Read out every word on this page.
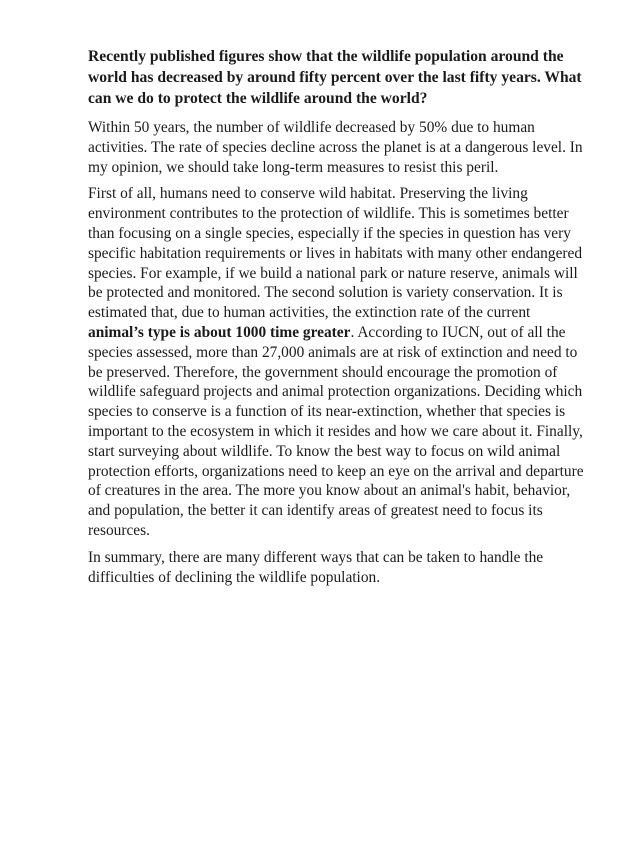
Recently published figures show that the wildlife population around the
world has decreased by around fifty percent over the last fifty years. What
can we do to protect the wildlife around the world?
Within 50 years, the number of wildlife decreased by 50% due to human
activities. The rate of species decline across the planet is at a dangerous level. In
my opinion, we should take long-term measures to resist this peril.
First of all, humans need to conserve wild habitat. Preserving the living
environment contributes to the protection of wildlife. This is sometimes better
than focusing on a single species, especially if the species in question has very
specific habitation requirements or lives in habitats with many other endangered
species. For example, if we build a national park or nature reserve, animals will
be protected and monitored. The second solution is variety conservation. It is
estimated that, due to human activities, the extinction rate of the current
animal’s type is about 1000 time greater. According to IUCN, out of all the
species assessed, more than 27,000 animals are at risk of extinction and need to
be preserved. Therefore, the government should encourage the promotion of
wildlife safeguard projects and animal protection organizations. Deciding which
species to conserve is a function of its near-extinction, whether that species is
important to the ecosystem in which it resides and how we care about it. Finally,
start surveying about wildlife. To know the best way to focus on wild animal
protection efforts, organizations need to keep an eye on the arrival and departure
of creatures in the area. The more you know about an animal's habit, behavior,
and population, the better it can identify areas of greatest need to focus its
resources.
In summary, there are many different ways that can be taken to handle the
difficulties of declining the wildlife population.
